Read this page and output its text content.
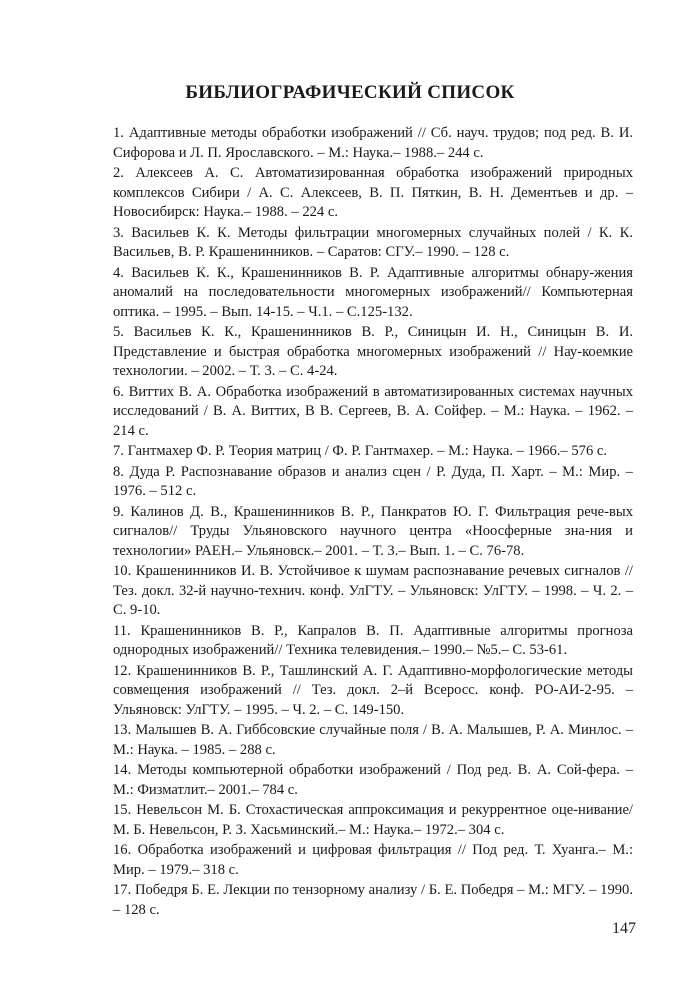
БИБЛИОГРАФИЧЕСКИЙ СПИСОК
1. Адаптивные методы обработки изображений // Сб. науч. трудов; под ред. В. И. Сифорова и Л. П. Ярославского. – М.: Наука.– 1988.– 244 с.
2. Алексеев А. С. Автоматизированная обработка изображений природных комплексов Сибири / А. С. Алексеев, В. П. Пяткин, В. Н. Дементьев и др. – Новосибирск: Наука.– 1988. – 224 с.
3. Васильев К. К. Методы фильтрации многомерных случайных полей / К. К. Васильев, В. Р. Крашенинников. – Саратов: СГУ.– 1990. – 128 с.
4. Васильев К. К., Крашенинников В. Р. Адаптивные алгоритмы обнару-жения аномалий на последовательности многомерных изображений// Компьютерная оптика. – 1995. – Вып. 14-15. – Ч.1. – С.125-132.
5. Васильев К. К., Крашенинников В. Р., Синицын И. Н., Синицын В. И. Представление и быстрая обработка многомерных изображений // Нау-коемкие технологии. – 2002. – Т. 3. – С. 4-24.
6. Виттих В. А. Обработка изображений в автоматизированных системах научных исследований / В. А. Виттих, В В. Сергеев, В. А. Сойфер. – М.: Наука. – 1962. – 214 с.
7. Гантмахер Ф. Р. Теория матриц / Ф. Р. Гантмахер. – М.: Наука. – 1966.– 576 с.
8. Дуда Р. Распознавание образов и анализ сцен / Р. Дуда, П. Харт. – М.: Мир. – 1976. – 512 с.
9. Калинов Д. В., Крашенинников В. Р., Панкратов Ю. Г. Фильтрация рече-вых сигналов// Труды Ульяновского научного центра «Ноосферные зна-ния и технологии» РАЕН.– Ульяновск.– 2001. – Т. 3.– Вып. 1. – С. 76-78.
10. Крашенинников И. В. Устойчивое к шумам распознавание речевых сигналов // Тез. докл. 32-й научно-технич. конф. УлГТУ. – Ульяновск: УлГТУ. – 1998. – Ч. 2. – С. 9-10.
11. Крашенинников В. Р., Капралов В. П. Адаптивные алгоритмы прогноза однородных изображений// Техника телевидения.– 1990.– №5.– С. 53-61.
12. Крашенинников В. Р., Ташлинский А. Г. Адаптивно-морфологические методы совмещения изображений // Тез. докл. 2–й Всеросс. конф. РО-АИ-2-95. – Ульяновск: УлГТУ. – 1995. – Ч. 2. – С. 149-150.
13. Малышев В. А. Гиббсовские случайные поля / В. А. Малышев, Р. А. Минлос. – М.: Наука. – 1985. – 288 с.
14. Методы компьютерной обработки изображений / Под ред. В. А. Сой-фера. – М.: Физматлит.– 2001.– 784 с.
15. Невельсон М. Б. Стохастическая аппроксимация и рекуррентное оце-нивание/ М. Б. Невельсон, Р. З. Хасьминский.– М.: Наука.– 1972.– 304 с.
16. Обработка изображений и цифровая фильтрация // Под ред. Т. Хуанга.– М.: Мир. – 1979.– 318 с.
17. Победря Б. Е. Лекции по тензорному анализу / Б. Е. Победря – М.: МГУ. – 1990. – 128 с.
147
